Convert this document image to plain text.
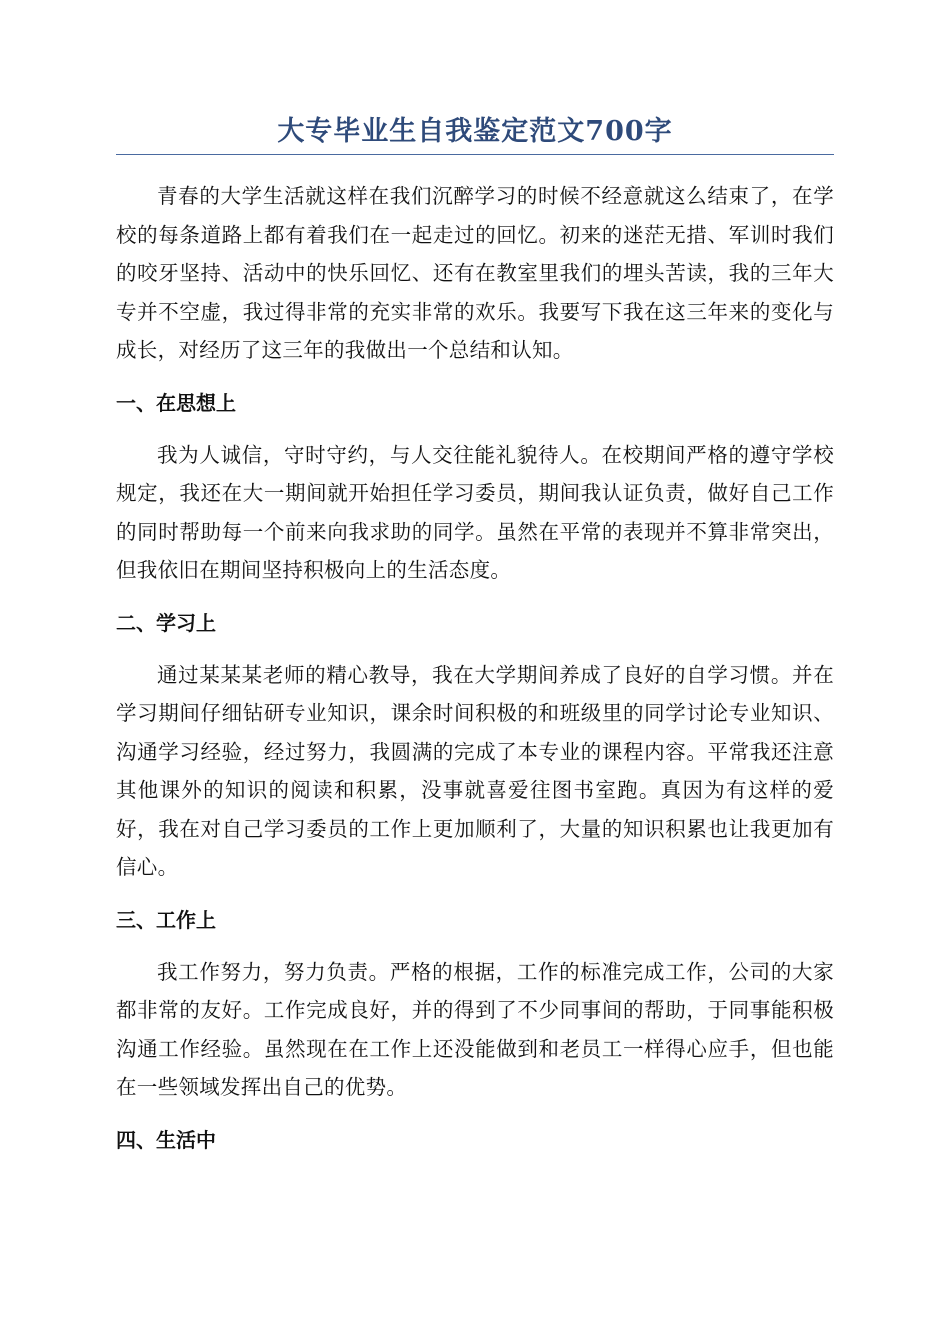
大专毕业生自我鉴定范文700字

青春的大学生活就这样在我们沉醉学习的时候不经意就这么结束了，在学校的每条道路上都有着我们在一起走过的回忆。初来的迷茫无措、军训时我们的咬牙坚持、活动中的快乐回忆、还有在教室里我们的埋头苦读，我的三年大专并不空虚，我过得非常的充实非常的欢乐。我要写下我在这三年来的变化与成长，对经历了这三年的我做出一个总结和认知。

一、在思想上

我为人诚信，守时守约，与人交往能礼貌待人。在校期间严格的遵守学校规定，我还在大一期间就开始担任学习委员，期间我认证负责，做好自己工作的同时帮助每一个前来向我求助的同学。虽然在平常的表现并不算非常突出，但我依旧在期间坚持积极向上的生活态度。

二、学习上

通过某某某老师的精心教导，我在大学期间养成了良好的自学习惯。并在学习期间仔细钻研专业知识，课余时间积极的和班级里的同学讨论专业知识、沟通学习经验，经过努力，我圆满的完成了本专业的课程内容。平常我还注意其他课外的知识的阅读和积累，没事就喜爱往图书室跑。真因为有这样的爱好，我在对自己学习委员的工作上更加顺利了，大量的知识积累也让我更加有信心。

三、工作上

我工作努力，努力负责。严格的根据，工作的标准完成工作，公司的大家都非常的友好。工作完成良好，并的得到了不少同事间的帮助，于同事能积极沟通工作经验。虽然现在在工作上还没能做到和老员工一样得心应手，但也能在一些领域发挥出自己的优势。

四、生活中
